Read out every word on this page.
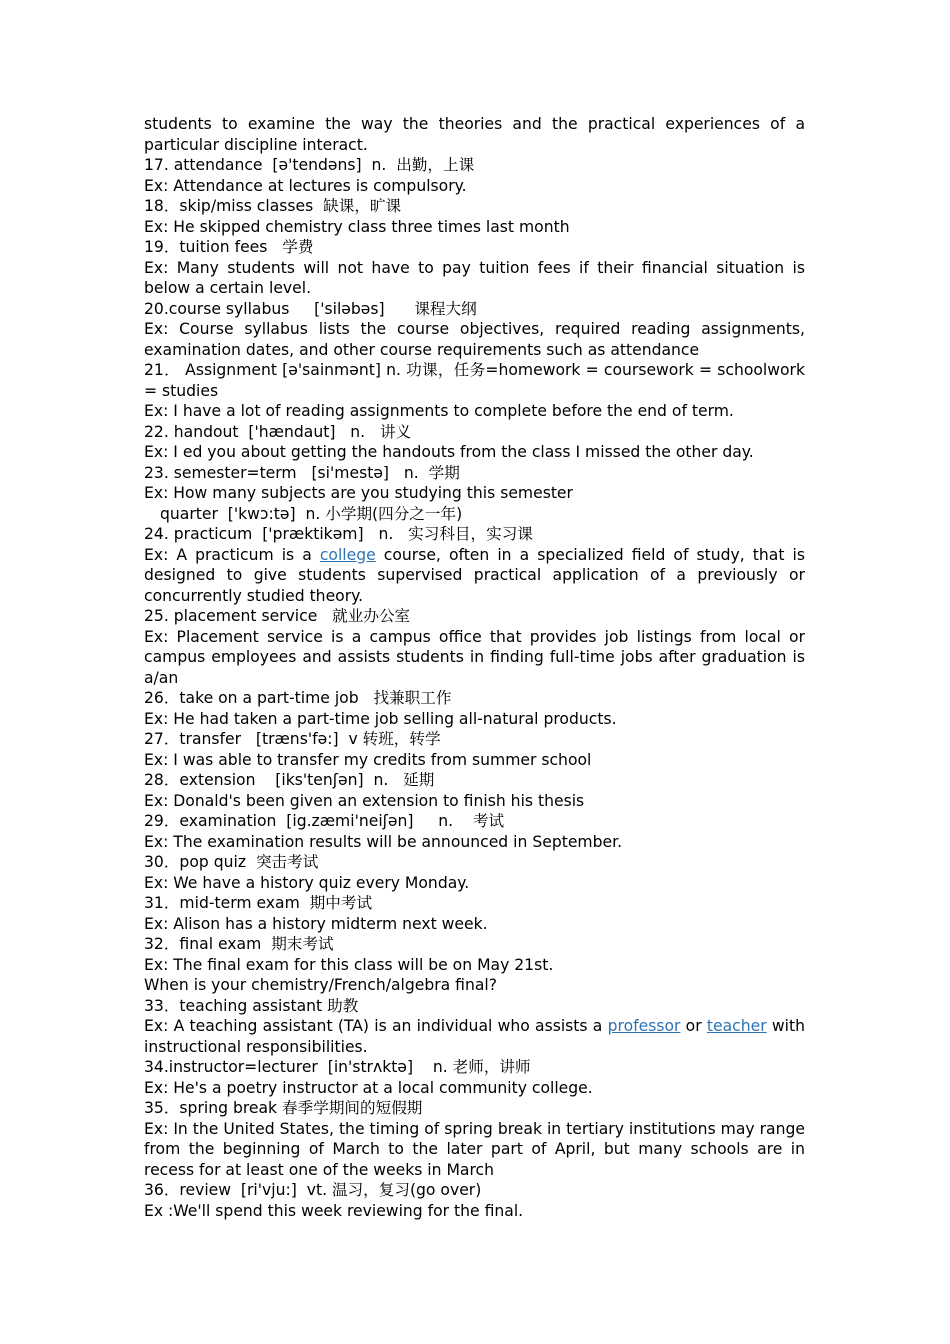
students to examine the way the theories and the practical experiences of a particular discipline interact.
17. attendance  [ə'tendəns]  n.  出勤，上课
Ex: Attendance at lectures is compulsory.
18．skip/miss classes  缺课，旷课
Ex: He skipped chemistry class three times last month
19．tuition fees   学费
Ex: Many students will not have to pay tuition fees if their financial situation is below a certain level.
20.course syllabus     ['siləbəs]      课程大纲
Ex: Course syllabus lists the course objectives, required reading assignments, examination dates, and other course requirements such as attendance
21． Assignment [ə'sainmənt] n. 功课，任务=homework = coursework = schoolwork = studies
Ex: I have a lot of reading assignments to complete before the end of term.
22. handout  ['hændaut]   n.   讲义
Ex: I ed you about getting the handouts from the class I missed the other day.
23. semester=term   [si'mestə]   n.  学期
Ex: How many subjects are you studying this semester
quarter  ['kwɔ:tə]  n. 小学期(四分之一年)
24. practicum  ['præktikəm]   n.   实习科目，实习课
Ex: A practicum is a college course, often in a specialized field of study, that is designed to give students supervised practical application of a previously or concurrently studied theory.
25. placement service   就业办公室
Ex: Placement service is a campus office that provides job listings from local or campus employees and assists students in finding full-time jobs after graduation is a/an
26．take on a part-time job   找兼职工作
Ex: He had taken a part-time job selling all-natural products.
27．transfer   [træns'fə:]  v 转班，转学
Ex: I was able to transfer my credits from summer school
28．extension    [iks'tenʃən]  n.   延期
Ex: Donald's been given an extension to finish his thesis
29．examination  [ig.zæmi'neiʃən]     n.    考试
Ex: The examination results will be announced in September.
30．pop quiz  突击考试
Ex: We have a history quiz every Monday.
31．mid-term exam  期中考试
Ex: Alison has a history midterm next week.
32．final exam  期末考试
Ex: The final exam for this class will be on May 21st.
When is your chemistry/French/algebra final?
33．teaching assistant 助教
Ex: A teaching assistant (TA) is an individual who assists a professor or teacher with instructional responsibilities.
34.instructor=lecturer  [in'strʌktə]    n. 老师，讲师
Ex: He's a poetry instructor at a local community college.
35．spring break 春季学期间的短假期
Ex: In the United States, the timing of spring break in tertiary institutions may range from the beginning of March to the later part of April, but many schools are in recess for at least one of the weeks in March
36．review  [ri'vju:]  vt. 温习，复习(go over)
Ex :We'll spend this week reviewing for the final.
